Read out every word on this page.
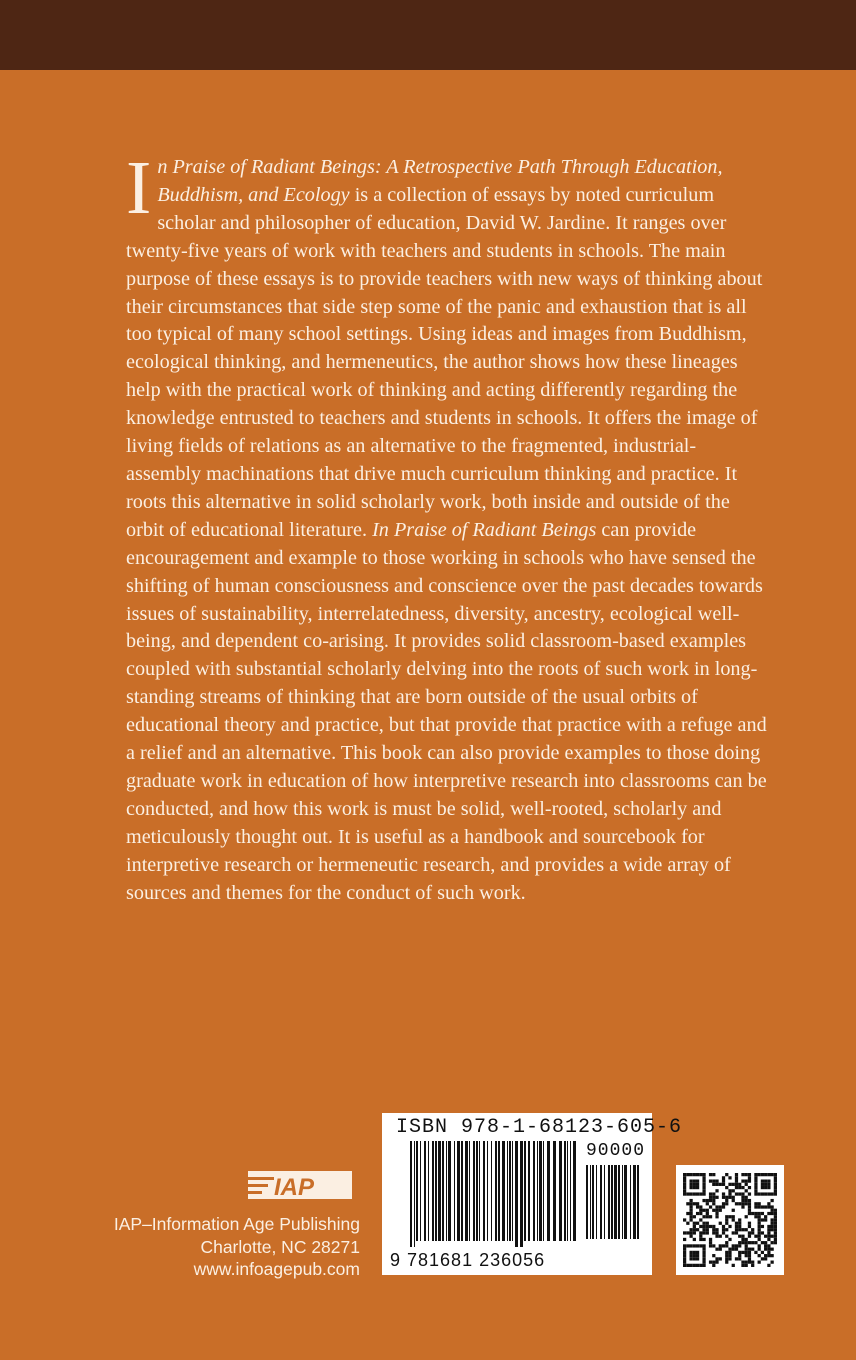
In Praise of Radiant Beings: A Retrospective Path Through Education, Buddhism, and Ecology is a collection of essays by noted curriculum scholar and philosopher of education, David W. Jardine. It ranges over twenty-five years of work with teachers and students in schools. The main purpose of these essays is to provide teachers with new ways of thinking about their circumstances that side step some of the panic and exhaustion that is all too typical of many school settings. Using ideas and images from Buddhism, ecological thinking, and hermeneutics, the author shows how these lineages help with the practical work of thinking and acting differently regarding the knowledge entrusted to teachers and students in schools. It offers the image of living fields of relations as an alternative to the fragmented, industrial-assembly machinations that drive much curriculum thinking and practice. It roots this alternative in solid scholarly work, both inside and outside of the orbit of educational literature. In Praise of Radiant Beings can provide encouragement and example to those working in schools who have sensed the shifting of human consciousness and conscience over the past decades towards issues of sustainability, interrelatedness, diversity, ancestry, ecological well-being, and dependent co-arising. It provides solid classroom-based examples coupled with substantial scholarly delving into the roots of such work in long-standing streams of thinking that are born outside of the usual orbits of educational theory and practice, but that provide that practice with a refuge and a relief and an alternative. This book can also provide examples to those doing graduate work in education of how interpretive research into classrooms can be conducted, and how this work is must be solid, well-rooted, scholarly and meticulously thought out. It is useful as a handbook and sourcebook for interpretive research or hermeneutic research, and provides a wide array of sources and themes for the conduct of such work.

IAP
IAP–Information Age Publishing
Charlotte, NC 28271
www.infoagepub.com
ISBN 978-1-68123-605-6
90000
9 781681 236056
